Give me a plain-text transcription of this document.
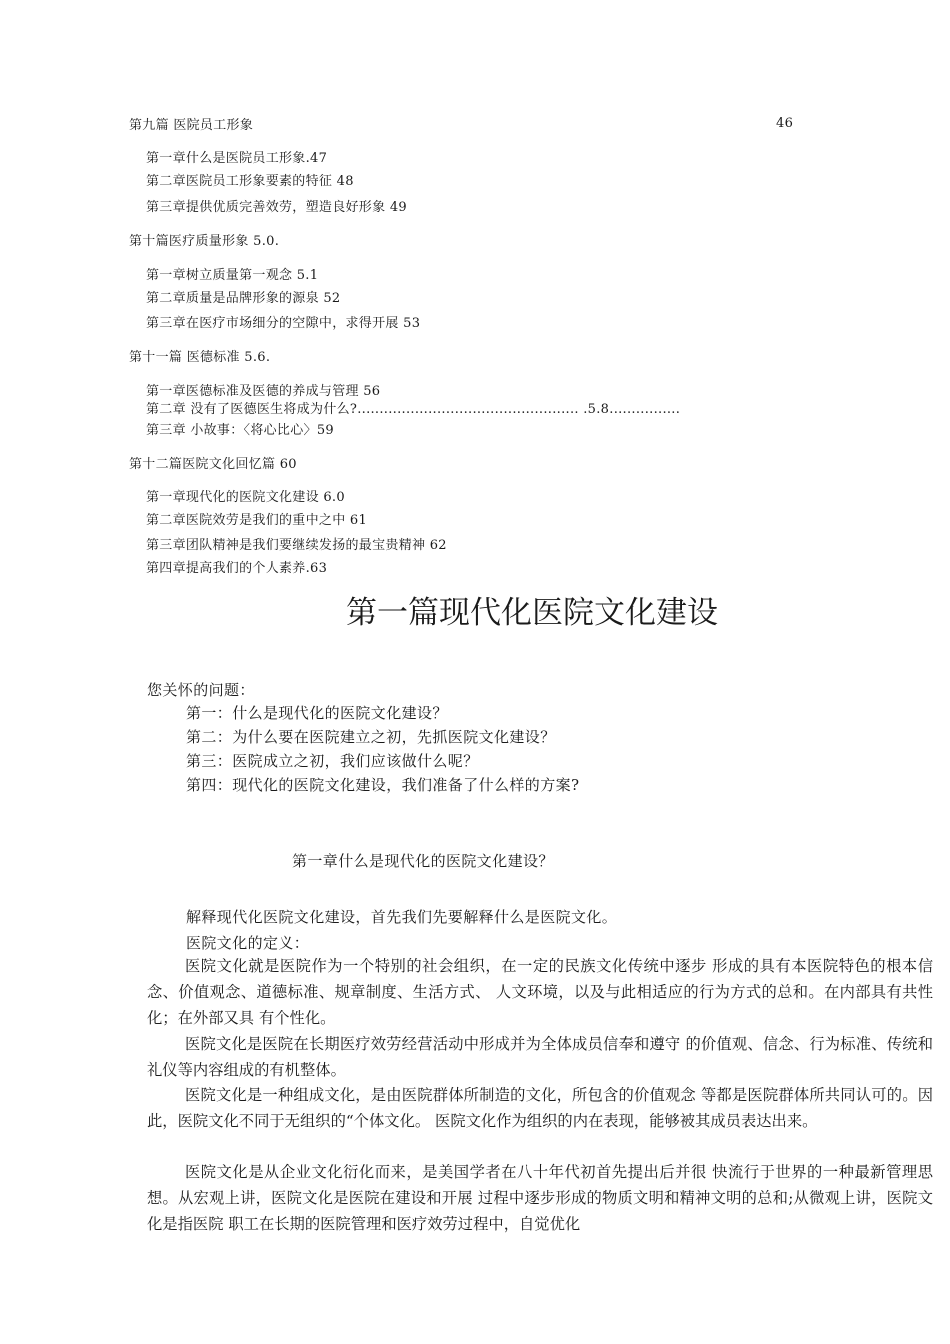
第九篇 医院员工形象	46
第一章什么是医院员工形象.47
第二章医院员工形象要素的特征 48
第三章提供优质完善效劳，塑造良好形象 49
第十篇医疗质量形象 5.0.
第一章树立质量第一观念 5.1
第二章质量是品牌形象的源泉 52
第三章在医疗市场细分的空隙中，求得开展 53
第十一篇 医德标准 5.6.
第一章医德标准及医德的养成与管理 56
第二章 没有了医德医生将成为什么?.................................................. .5.8................
第三章 小故事：〈将心比心〉59
第十二篇医院文化回忆篇 60
第一章现代化的医院文化建设 6.0
第二章医院效劳是我们的重中之中 61
第三章团队精神是我们要继续发扬的最宝贵精神 62
第四章提高我们的个人素养.63
第一篇现代化医院文化建设
您关怀的问题：
第一：什么是现代化的医院文化建设？
第二：为什么要在医院建立之初，先抓医院文化建设？
第三：医院成立之初，我们应该做什么呢？
第四：现代化的医院文化建设，我们准备了什么样的方案?
第一章什么是现代化的医院文化建设？
解释现代化医院文化建设，首先我们先要解释什么是医院文化。
医院文化的定义：

医院文化就是医院作为一个特别的社会组织，在一定的民族文化传统中逐步 形成的具有本医院特色的根本信念、价值观念、道德标准、规章制度、生活方式、 人文环境，以及与此相适应的行为方式的总和。在内部具有共性化；在外部又具 有个性化。

医院文化是医院在长期医疗效劳经营活动中形成并为全体成员信奉和遵守 的价值观、信念、行为标准、传统和礼仪等内容组成的有机整体。

医院文化是一种组成文化，是由医院群体所制造的文化，所包含的价值观念 等都是医院群体所共同认可的。因此，医院文化不同于无组织的“个体文化。 医院文化作为组织的内在表现，能够被其成员表达出来。

医院文化是从企业文化衍化而来，是美国学者在八十年代初首先提出后并很 快流行于世界的一种最新管理思想。从宏观上讲，医院文化是医院在建设和开展 过程中逐步形成的物质文明和精神文明的总和;从微观上讲，医院文化是指医院 职工在长期的医院管理和医疗效劳过程中，自觉优化
